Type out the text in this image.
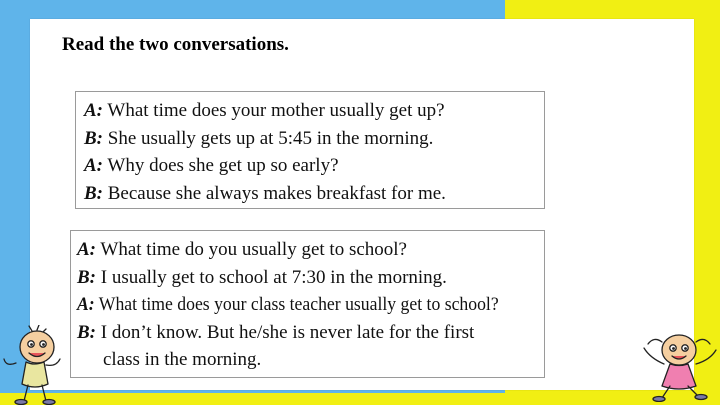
Read the two conversations.
A: What time does your mother usually get up?
B: She usually gets up at 5:45 in the morning.
A: Why does she get up so early?
B: Because she always makes breakfast for me.
A: What time do you usually get to school?
B: I usually get to school at 7:30 in the morning.
A: What time does your class teacher usually get to school?
B: I don’t know. But he/she is never late for the first
class in the morning.
